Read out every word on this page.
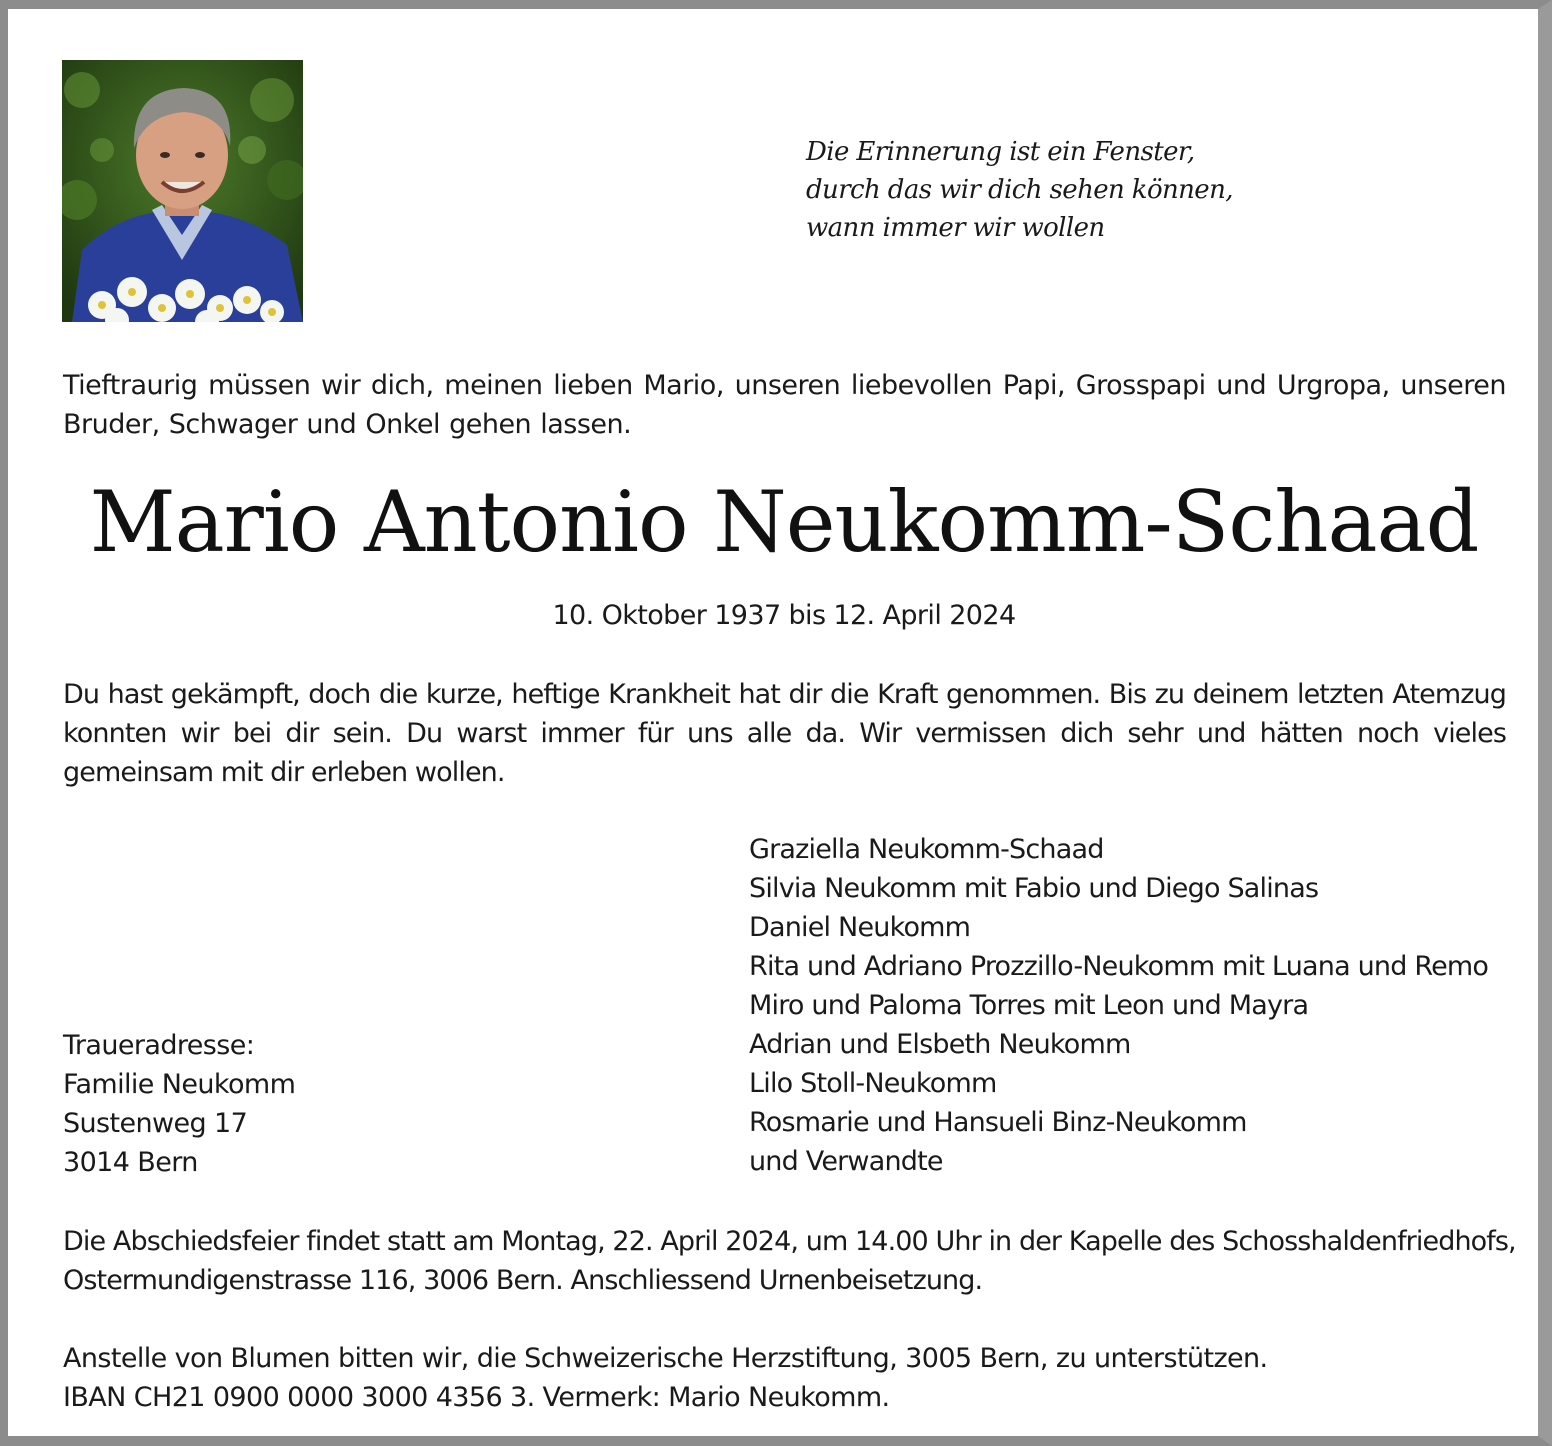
Die Erinnerung ist ein Fenster,
durch das wir dich sehen können,
wann immer wir wollen
Tieftraurig müssen wir dich, meinen lieben Mario, unseren liebevollen Papi, Grosspapi und Urgropa, unseren Bruder, Schwager und Onkel gehen lassen.
Mario Antonio Neukomm-Schaad
10. Oktober 1937 bis 12. April 2024
Du hast gekämpft, doch die kurze, heftige Krankheit hat dir die Kraft genommen. Bis zu deinem letzten Atemzug konnten wir bei dir sein. Du warst immer für uns alle da. Wir vermissen dich sehr und hätten noch vieles gemeinsam mit dir erleben wollen.
Graziella Neukomm-Schaad
Silvia Neukomm mit Fabio und Diego Salinas
Daniel Neukomm
Rita und Adriano Prozzillo-Neukomm mit Luana und Remo
Miro und Paloma Torres mit Leon und Mayra
Adrian und Elsbeth Neukomm
Lilo Stoll-Neukomm
Rosmarie und Hansueli Binz-Neukomm
und Verwandte
Traueradresse:
Familie Neukomm
Sustenweg 17
3014 Bern
Die Abschiedsfeier findet statt am Montag, 22. April 2024, um 14.00 Uhr in der Kapelle des Schosshaldenfriedhofs,
Ostermundigenstrasse 116, 3006 Bern. Anschliessend Urnenbeisetzung.
Anstelle von Blumen bitten wir, die Schweizerische Herzstiftung, 3005 Bern, zu unterstützen.
IBAN CH21 0900 0000 3000 4356 3. Vermerk: Mario Neukomm.
